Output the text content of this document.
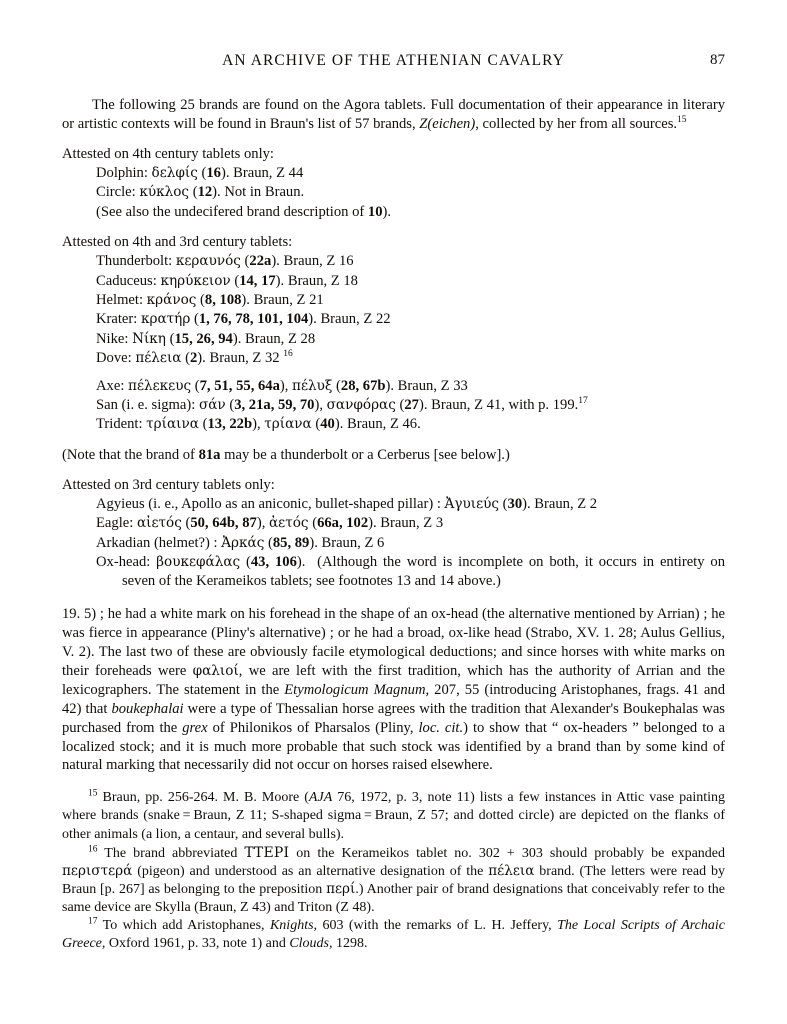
AN ARCHIVE OF THE ATHENIAN CAVALRY	87

The following 25 brands are found on the Agora tablets. Full documentation of their appearance in literary or artistic contexts will be found in Braun's list of 57 brands, Z(eichen), collected by her from all sources.$^{15}$

Attested on 4th century tablets only:

Dolphin: δελφίς (16). Braun, Z 44

Circle: κύκλος (12). Not in Braun.

(See also the undecifered brand description of 10).

Attested on 4th and 3rd century tablets:

Thunderbolt: κεραυνός (22a). Braun, Z 16

Caduceus: κηρύκειον (14, 17). Braun, Z 18

Helmet: κράνος (8, 108). Braun, Z 21

Krater: κρατήρ (1, 76, 78, 101, 104). Braun, Z 22

Nike: Νίκη (15, 26, 94). Braun, Z 28

Dove: πέλεια (2). Braun, Z 32 $^{16}$

Axe: πέλεκευς (7, 51, 55, 64a), πέλυξ (28, 67b). Braun, Z 33

San (i. e. sigma): σάν (3, 21a, 59, 70), σανφόρας (27). Braun, Z 41, with p. 199.17

Trident: τρίαινα (13, 22b), τρίανα (40). Braun, Z 46.

(Note that the brand of 81a may be a thunderbolt or a Cerberus [see below].)

Attested on 3rd century tablets only:

Agyieus (i. e., Apollo as an aniconic, bullet-shaped pillar) : Ἀγυιεύς (30). Braun, Z 2

Eagle: αἰετός (50, 64b, 87), ἀετός (66a, 102). Braun, Z 3

Arkadian (helmet?) : Ἀρκάς (85, 89). Braun, Z 6

Ox-head: βουκεφάλας (43, 106).  (Although the word is incomplete on both, it occurs in entirety on seven of the Kerameikos tablets; see footnotes 13 and 14 above.)

19. 5) ; he had a white mark on his forehead in the shape of an ox-head (the alternative mentioned by Arrian) ; he was fierce in appearance (Pliny's alternative) ; or he had a broad, ox-like head (Strabo, XV. 1. 28; Aulus Gellius, V. 2). The last two of these are obviously facile etymological deductions; and since horses with white marks on their foreheads were φαλιοί, we are left with the first tradition, which has the authority of Arrian and the lexicographers. The statement in the Etymologicum Magnum, 207, 55 (introducing Aristophanes, frags. 41 and 42) that boukephalai were a type of Thessalian horse agrees with the tradition that Alexander's Boukephalas was purchased from the grex of Philonikos of Pharsalos (Pliny, loc. cit.) to show that “ ox-headers ” belonged to a localized stock; and it is much more probable that such stock was identified by a brand than by some kind of natural marking that necessarily did not occur on horses raised elsewhere.

$^{15}$ Braun, pp. 256-264. M. B. Moore (AJA 76, 1972, p. 3, note 11) lists a few instances in Attic vase painting where brands (snake = Braun, Z 11; S-shaped sigma = Braun, Z 57; and dotted circle) are depicted on the flanks of other animals (a lion, a centaur, and several bulls).

$^{16}$ The brand abbreviated ΤΤΕΡΙ on the Kerameikos tablet no. 302 + 303 should probably be expanded περιστερά (pigeon) and understood as an alternative designation of the πέλεια brand. (The letters were read by Braun [p. 267] as belonging to the preposition περί.) Another pair of brand designations that conceivably refer to the same device are Skylla (Braun, Z 43) and Triton (Z 48).

$^{17}$ To which add Aristophanes, Knights, 603 (with the remarks of L. H. Jeffery, The Local Scripts of Archaic Greece, Oxford 1961, p. 33, note 1) and Clouds, 1298.
